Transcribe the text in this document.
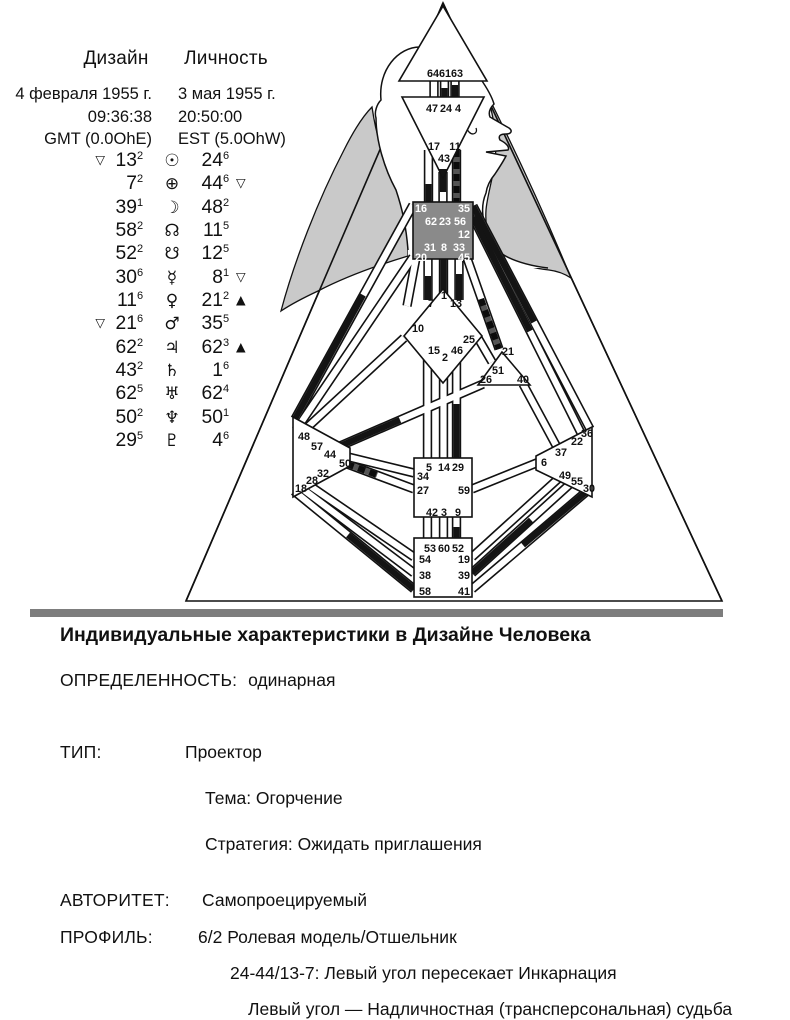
64 61 63
47 24 4
17 11
43
16	35
62 23 56
12
31 8 33
20	45
7
1
13
10
25
15
2
46	21
51
26 40
48
57
44
50
32
28
18
36
22
37
6
49 55
30
5 14 29
34
27	59
42 3 9
53 60 52
54 19
38 39
58 41
Дизайн	Личность
4 февраля 1955 г.
09:36:38
GMT (0.0OhE)
3 мая 1955 г.
20:50:00
EST (5.0OhW)
▽ 13 2	☉	24 6
7 2	⊕	44 6 ▽
39 1	☽	48 2
58 2	☊	11 5
52 2	☋	12 5
30 6	☿	8 1 ▽
11 6	♀	21 2 ▲
▽ 21 6	♂	35 5
62 2	♃	62 3 ▲
43 2	♄	1 6
62 5	♅	62 4
50 2	♆	50 1
29 5	♇	4 6
Индивидуальные характеристики в Дизайне Человека
ОПРЕДЕЛЕННОСТЬ: одинарная
ТИП:	Проектор
Тема: Огорчение
Стратегия: Ожидать приглашения
АВТОРИТЕТ: Самопроецируемый
ПРОФИЛЬ:	6/2 Ролевая модель/Отшельник
24-44/13-7: Левый угол пересекает Инкарнация
Левый угол — Надличностная (трансперсональная) судьба
